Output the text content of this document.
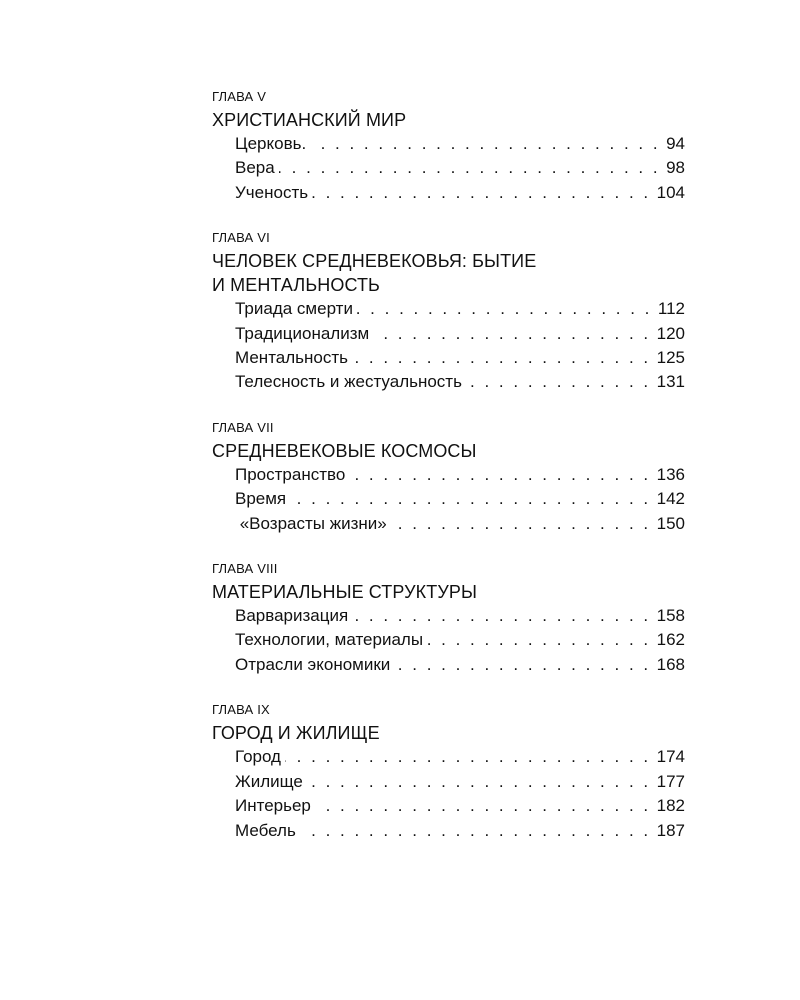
ГЛАВА V
ХРИСТИАНСКИЙ МИР
Церковь. . . .	94
Вера . . .	98
Ученость . . .	104
ГЛАВА VI
ЧЕЛОВЕК СРЕДНЕВЕКОВЬЯ: БЫТИЕ
И МЕНТАЛЬНОСТЬ
Триада смерти . . .	112
Традиционализм . . .	120
Ментальность . . .	125
Телесность и жестуальность . . .	131
ГЛАВА VII
СРЕДНЕВЕКОВЫЕ КОСМОСЫ
Пространство . . .	136
Время . . .	142
«Возрасты жизни» . . .	150
ГЛАВА VIII
МАТЕРИАЛЬНЫЕ СТРУКТУРЫ
Варваризация . . .	158
Технологии, материалы . . .	162
Отрасли экономики . . .	168
ГЛАВА IX
ГОРОД И ЖИЛИЩЕ
Город . . .	174
Жилище . . .	177
Интерьер . . .	182
Мебель . . .	187
